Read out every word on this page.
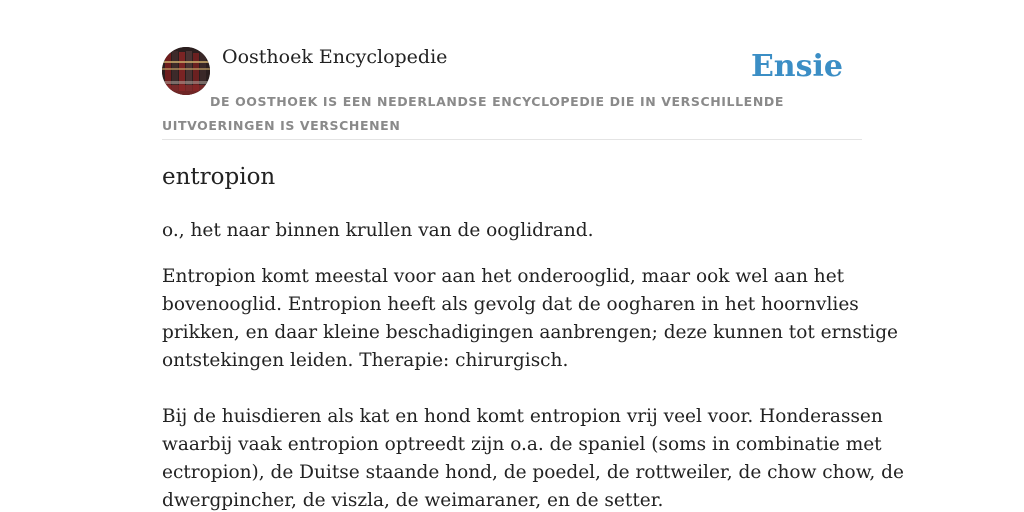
Oosthoek Encyclopedie	Ensie
DE OOSTHOEK IS EEN NEDERLANDSE ENCYCLOPEDIE DIE IN VERSCHILLENDE UITVOERINGEN IS VERSCHENEN
entropion

o., het naar binnen krullen van de ooglidrand.

Entropion komt meestal voor aan het onderooglid, maar ook wel aan het
bovenooglid. Entropion heeft als gevolg dat de oogharen in het hoornvlies
prikken, en daar kleine beschadigingen aanbrengen; deze kunnen tot ernstige
ontstekingen leiden. Therapie: chirurgisch.
Bij de huisdieren als kat en hond komt entropion vrij veel voor. Honderassen
waarbij vaak entropion optreedt zijn o.a. de spaniel (soms in combinatie met
ectropion), de Duitse staande hond, de poedel, de rottweiler, de chow chow, de
dwergpincher, de viszla, de weimaraner, en de setter.
